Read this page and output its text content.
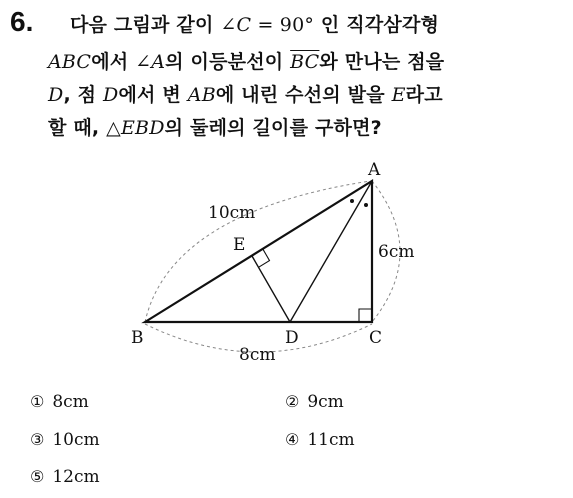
6. 다음 그림과 같이 ∠C = 90° 인 직각삼각형
ABC에서 ∠A의 이등분선이 $\overline{BC}$와 만나는 점을
D, 점 D에서 변 AB에 내린 수선의 발을 E라고
할 때, △EBD의 둘레의 길이를 구하면?
A
B	C
D
E
10cm
6cm
8cm
① 8cm	② 9cm
③ 10cm	④ 11cm
⑤ 12cm
